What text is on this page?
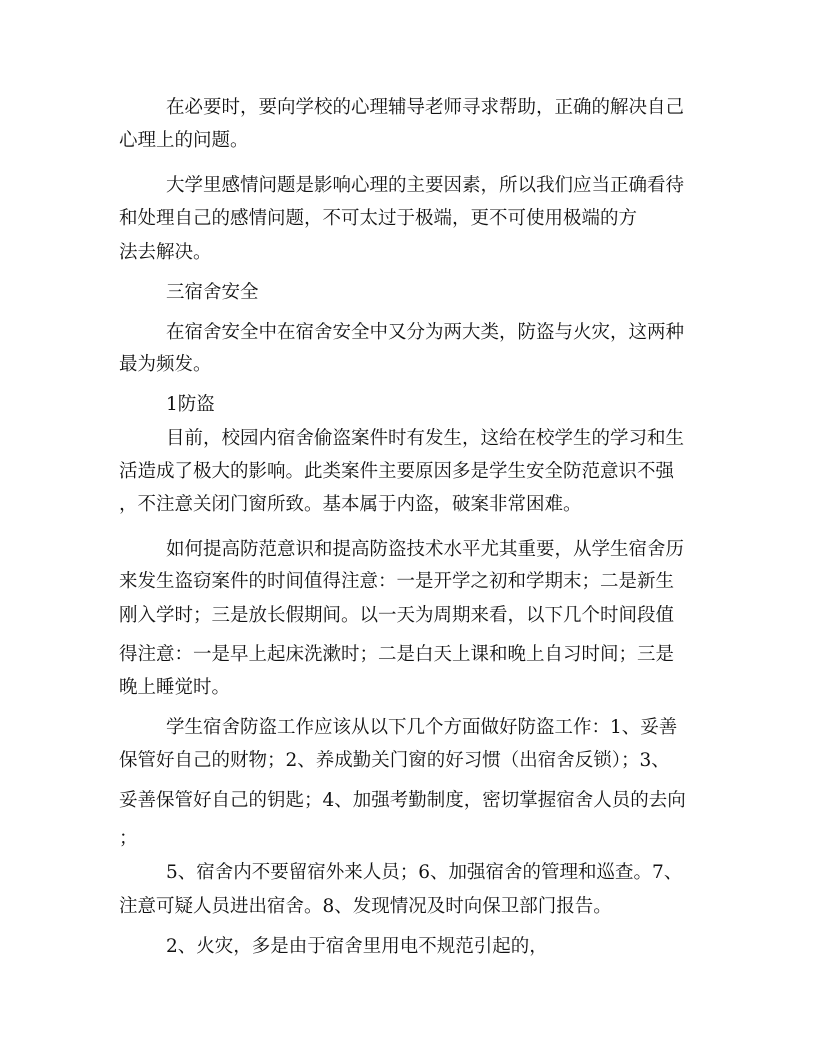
在必要时，要向学校的心理辅导老师寻求帮助，正确的解决自己
心理上的问题。
大学里感情问题是影响心理的主要因素，所以我们应当正确看待
和处理自己的感情问题，不可太过于极端，更不可使用极端的方
法去解决。
三宿舍安全
在宿舍安全中在宿舍安全中又分为两大类，防盗与火灾，这两种
最为频发。
1防盗
目前，校园内宿舍偷盗案件时有发生，这给在校学生的学习和生
活造成了极大的影响。此类案件主要原因多是学生安全防范意识不强
，不注意关闭门窗所致。基本属于内盗，破案非常困难。
如何提高防范意识和提高防盗技术水平尤其重要，从学生宿舍历
来发生盗窃案件的时间值得注意：一是开学之初和学期末；二是新生
刚入学时；三是放长假期间。以一天为周期来看，以下几个时间段值
得注意：一是早上起床洗漱时；二是白天上课和晚上自习时间；三是
晚上睡觉时。
学生宿舍防盗工作应该从以下几个方面做好防盗工作：1、妥善
保管好自己的财物；2、养成勤关门窗的好习惯（出宿舍反锁）；3、
妥善保管好自己的钥匙；4、加强考勤制度，密切掌握宿舍人员的去向
；
5、宿舍内不要留宿外来人员；6、加强宿舍的管理和巡查。7、
注意可疑人员进出宿舍。8、发现情况及时向保卫部门报告。
2、火灾，多是由于宿舍里用电不规范引起的，
